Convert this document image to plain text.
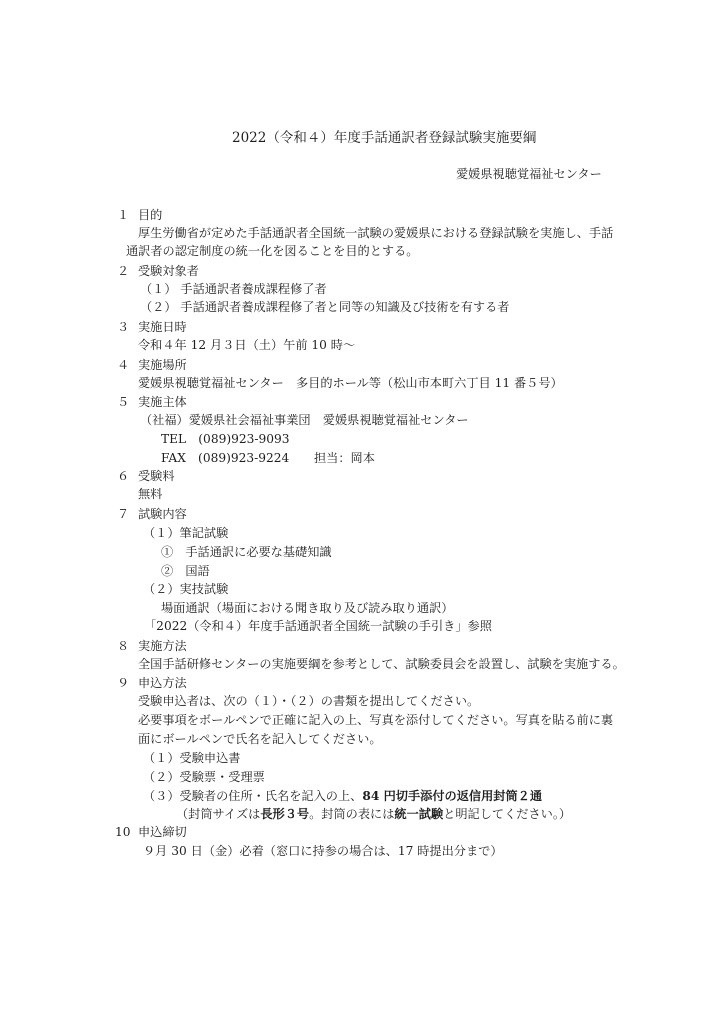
2022（令和４）年度手話通訳者登録試験実施要綱
愛媛県視聴覚福祉センター
１ 目的
厚生労働省が定めた手話通訳者全国統一試験の愛媛県における登録試験を実施し、手話
通訳者の認定制度の統一化を図ることを目的とする。
２ 受験対象者
（１） 手話通訳者養成課程修了者
（２） 手話通訳者養成課程修了者と同等の知識及び技術を有する者
３ 実施日時
令和４年 12 月３日（土）午前 10 時～
４ 実施場所
愛媛県視聴覚福祉センター　多目的ホール等（松山市本町六丁目 11 番５号）
５ 実施主体
（社福）愛媛県社会福祉事業団　愛媛県視聴覚福祉センター
TEL　(089)923-9093
FAX　(089)923-9224 担当：岡本
６ 受験料
無料
７ 試験内容
（１）筆記試験
①　手話通訳に必要な基礎知識
②　国語
（２）実技試験
場面通訳（場面における聞き取り及び読み取り通訳）
「2022（令和４）年度手話通訳者全国統一試験の手引き」参照
８ 実施方法
全国手話研修センターの実施要綱を参考として、試験委員会を設置し、試験を実施する。
９ 申込方法
受験申込者は、次の（１）・（２）の書類を提出してください。
必要事項をボールペンで正確に記入の上、写真を添付してください。写真を貼る前に裏
面にボールペンで氏名を記入してください。
（１）受験申込書
（２）受験票・受理票
（３）受験者の住所・氏名を記入の上、84 円切手添付の返信用封筒２通
（封筒サイズは長形３号。封筒の表には統一試験と明記してください。）
10 申込締切
９月 30 日（金）必着（窓口に持参の場合は、17 時提出分まで）
